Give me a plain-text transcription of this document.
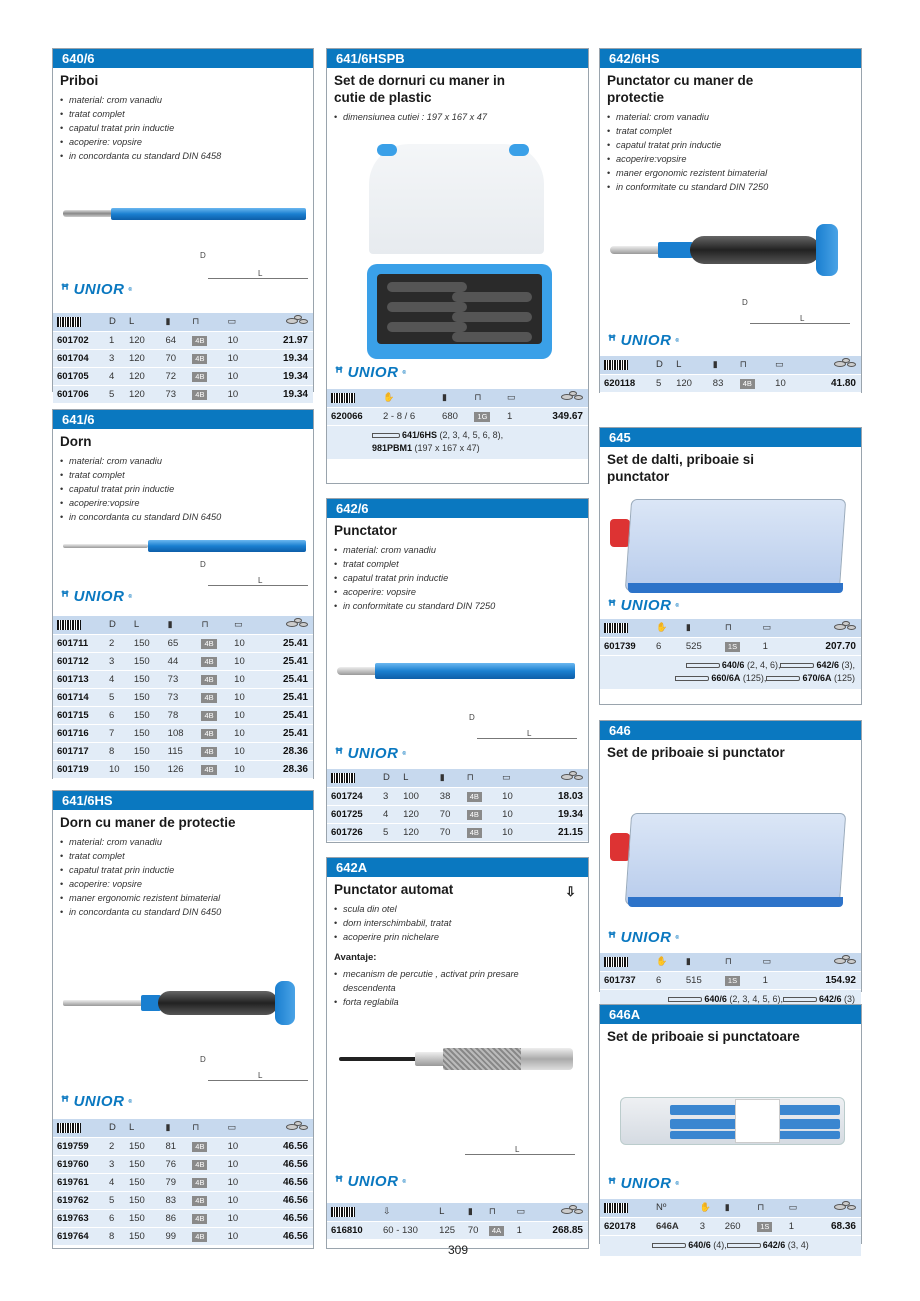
640/6
Priboi
• material: crom vanadiu
• tratat complet
• capatul tratat prin inductie
• acoperire: vopsire
• in concordanta cu standard DIN 6458
D
L
ꟸ UNIOR ®
	D	L	▮	⊓	▭	

601702	1	120	64	4B	10	21.97
601704	3	120	70	4B	10	19.34
601705	4	120	72	4B	10	19.34
601706	5	120	73	4B	10	19.34
641/6
Dorn
• material: crom vanadiu
• tratat complet
• capatul tratat prin inductie
• acoperire:vopsire
• in concordanta cu standard DIN 6450
D
L
ꟸ UNIOR ®
	D	L	▮	⊓	▭	

601711	2	150	65	4B	10	25.41
601712	3	150	44	4B	10	25.41
601713	4	150	73	4B	10	25.41
601714	5	150	73	4B	10	25.41
601715	6	150	78	4B	10	25.41
601716	7	150	108	4B	10	25.41
601717	8	150	115	4B	10	28.36
601719	10	150	126	4B	10	28.36
641/6HS
Dorn cu maner de protectie
• material: crom vanadiu
• tratat complet
• capatul tratat prin inductie
• acoperire: vopsire
• maner ergonomic rezistent bimaterial
• in concordanta cu standard DIN 6450
D
L
ꟸ UNIOR ®
	D	L	▮	⊓	▭	

619759	2	150	81	4B	10	46.56
619760	3	150	76	4B	10	46.56
619761	4	150	79	4B	10	46.56
619762	5	150	83	4B	10	46.56
619763	6	150	86	4B	10	46.56
619764	8	150	99	4B	10	46.56
641/6HSPB
Set de dornuri cu maner in cutie de plastic
• dimensiunea cutiei : 197 x 167 x 47
ꟸ UNIOR ®
	✋	▮	⊓	▭	

620066	2 - 8 / 6	680	1G	1	349.67
641/6HS (2, 3, 4, 5, 6, 8),
981PBM1 (197 x 167 x 47)
642/6
Punctator
• material: crom vanadiu
• tratat complet
• capatul tratat prin inductie
• acoperire: vopsire
• in conformitate cu standard DIN 7250
D
L
ꟸ UNIOR ®
	D	L	▮	⊓	▭	

601724	3	100	38	4B	10	18.03
601725	4	120	70	4B	10	19.34
601726	5	120	70	4B	10	21.15
642A
Punctator automat	⇩
• scula din otel
• dorn interschimbabil, tratat
• acoperire prin nichelare
Avantaje:
• mecanism de percutie , activat prin presare descendenta
• forta reglabila
L
ꟸ UNIOR ®
	⇩	L	▮	⊓	▭	

616810	60 - 130	125	70	4A	1	268.85
309
642/6HS
Punctator cu maner de protectie
• material: crom vanadiu
• tratat complet
• capatul tratat prin inductie
• acoperire:vopsire
• maner ergonomic rezistent bimaterial
• in conformitate cu standard DIN 7250
D
L
ꟸ UNIOR ®
	D	L	▮	⊓	▭	

620118	5	120	83	4B	10	41.80
645
Set de dalti, priboaie si punctator
ꟸ UNIOR ®
	✋	▮	⊓	▭	

601739	6	525	1S	1	207.70
640/6 (2, 4, 6),	642/6 (3),
660/6A (125),	670/6A (125)
646
Set de priboaie si punctator
ꟸ UNIOR ®
	✋	▮	⊓	▭	

601737	6	515	1S	1	154.92
640/6 (2, 3, 4, 5, 6),	642/6 (3)
646A
Set de priboaie si punctatoare
ꟸ UNIOR ®
	Nº	✋	▮	⊓	▭	

620178	646A	3	260	1S	1	68.36
640/6 (4),	642/6 (3, 4)
